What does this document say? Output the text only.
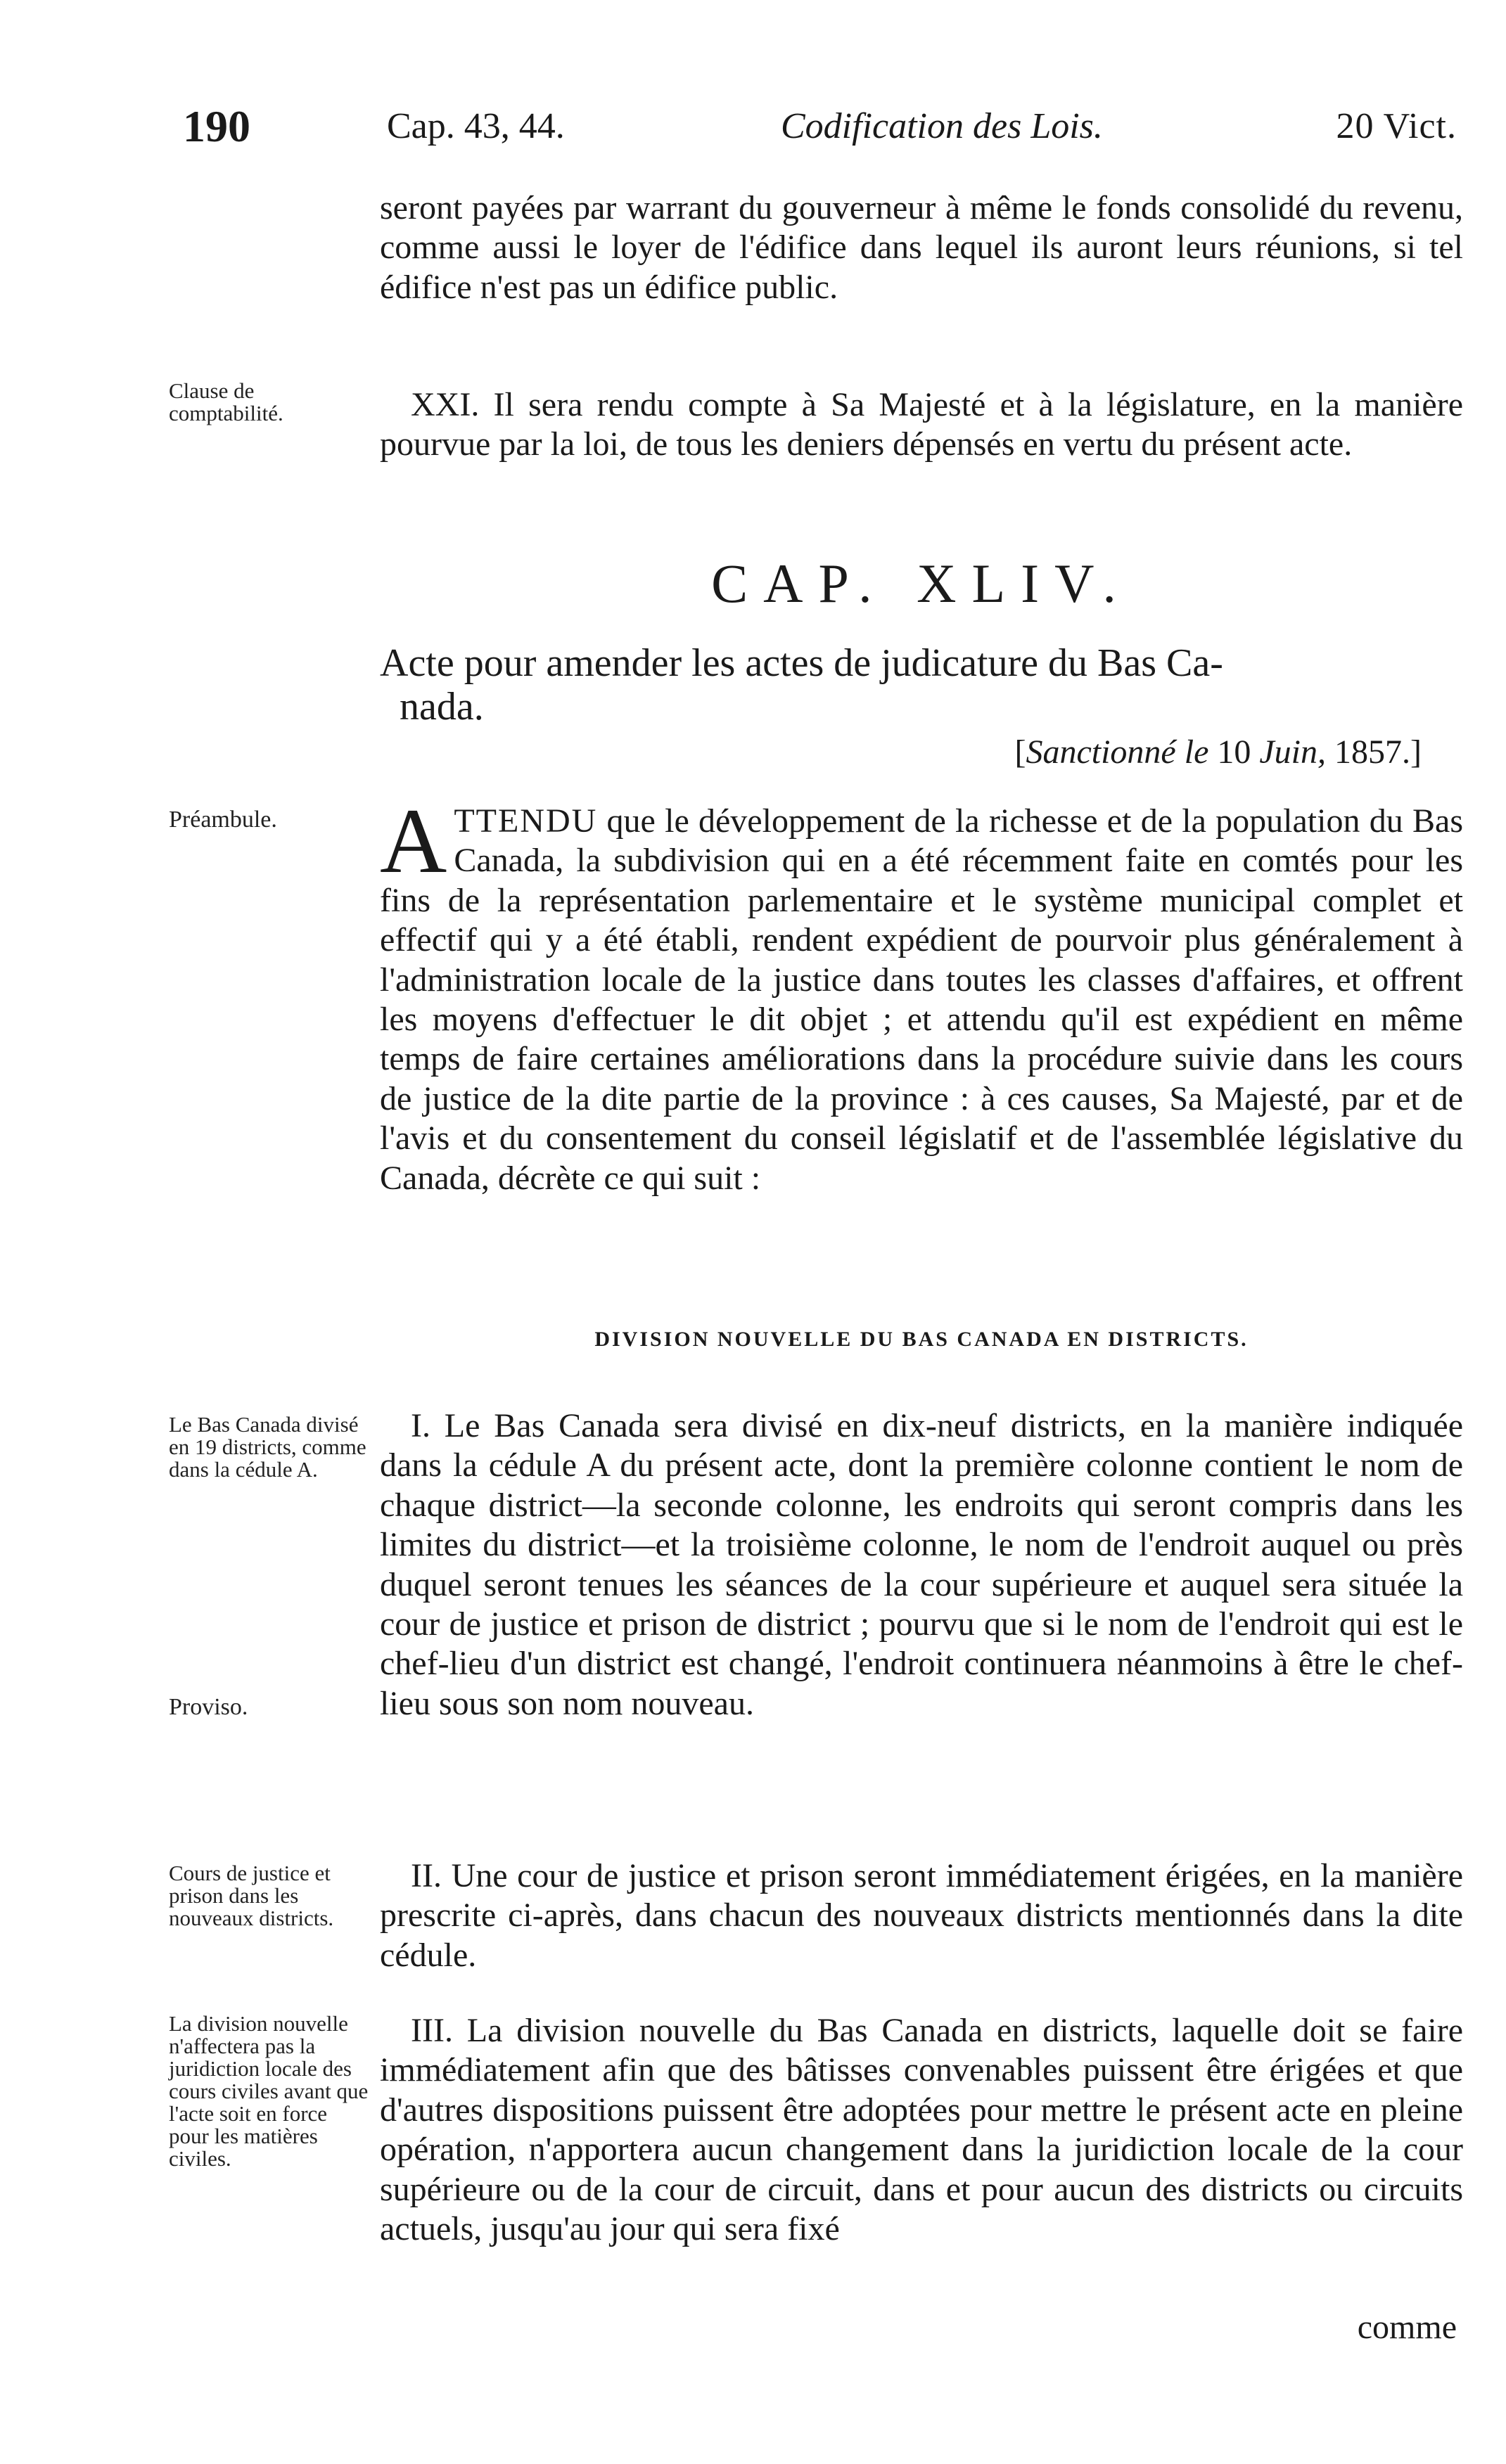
190	Cap. 43, 44.	Codification des Lois.	20 Vict.

seront payées par warrant du gouverneur à même le fonds consolidé du revenu, comme aussi le loyer de l'édifice dans lequel ils auront leurs réunions, si tel édifice n'est pas un édifice public.

Clause de comptabilité.	XXI. Il sera rendu compte à Sa Majesté et à la législature, en la manière pourvue par la loi, de tous les deniers dépensés en vertu du présent acte.

CAP. XLIV.
Acte pour amender les actes de judicature du Bas Ca-
nada.
[Sanctionné le 10 Juin, 1857.]
Préambule.	ATTENDU que le développement de la richesse et de la population du Bas Canada, la subdivision qui en a été récemment faite en comtés pour les fins de la représentation parlementaire et le système municipal complet et effectif qui y a été établi, rendent expédient de pourvoir plus généralement à l'administration locale de la justice dans toutes les classes d'affaires, et offrent les moyens d'effectuer le dit objet ; et attendu qu'il est expédient en même temps de faire certaines améliorations dans la procédure suivie dans les cours de justice de la dite partie de la province : à ces causes, Sa Majesté, par et de l'avis et du consentement du conseil législatif et de l'assemblée législative du Canada, décrète ce qui suit :

DIVISION NOUVELLE DU BAS CANADA EN DISTRICTS.
Le Bas Canada divisé en 19 districts, comme dans la cédule A.
Proviso.

I. Le Bas Canada sera divisé en dix-neuf districts, en la manière indiquée dans la cédule A du présent acte, dont la première colonne contient le nom de chaque district—la seconde colonne, les endroits qui seront compris dans les limites du district—et la troisième colonne, le nom de l'endroit auquel ou près duquel seront tenues les séances de la cour supérieure et auquel sera située la cour de justice et prison de district ; pourvu que si le nom de l'endroit qui est le chef-lieu d'un district est changé, l'endroit continuera néanmoins à être le chef-lieu sous son nom nouveau.

Cours de justice et prison dans les nouveaux districts.

II. Une cour de justice et prison seront immédiatement érigées, en la manière prescrite ci-après, dans chacun des nouveaux districts mentionnés dans la dite cédule.

La division nouvelle n'affectera pas la juridiction locale des cours civiles avant que l'acte soit en force pour les matières civiles.

III. La division nouvelle du Bas Canada en districts, laquelle doit se faire immédiatement afin que des bâtisses convenables puissent être érigées et que d'autres dispositions puissent être adoptées pour mettre le présent acte en pleine opération, n'apportera aucun changement dans la juridiction locale de la cour supérieure ou de la cour de circuit, dans et pour aucun des districts ou circuits actuels, jusqu'au jour qui sera fixé

comme
